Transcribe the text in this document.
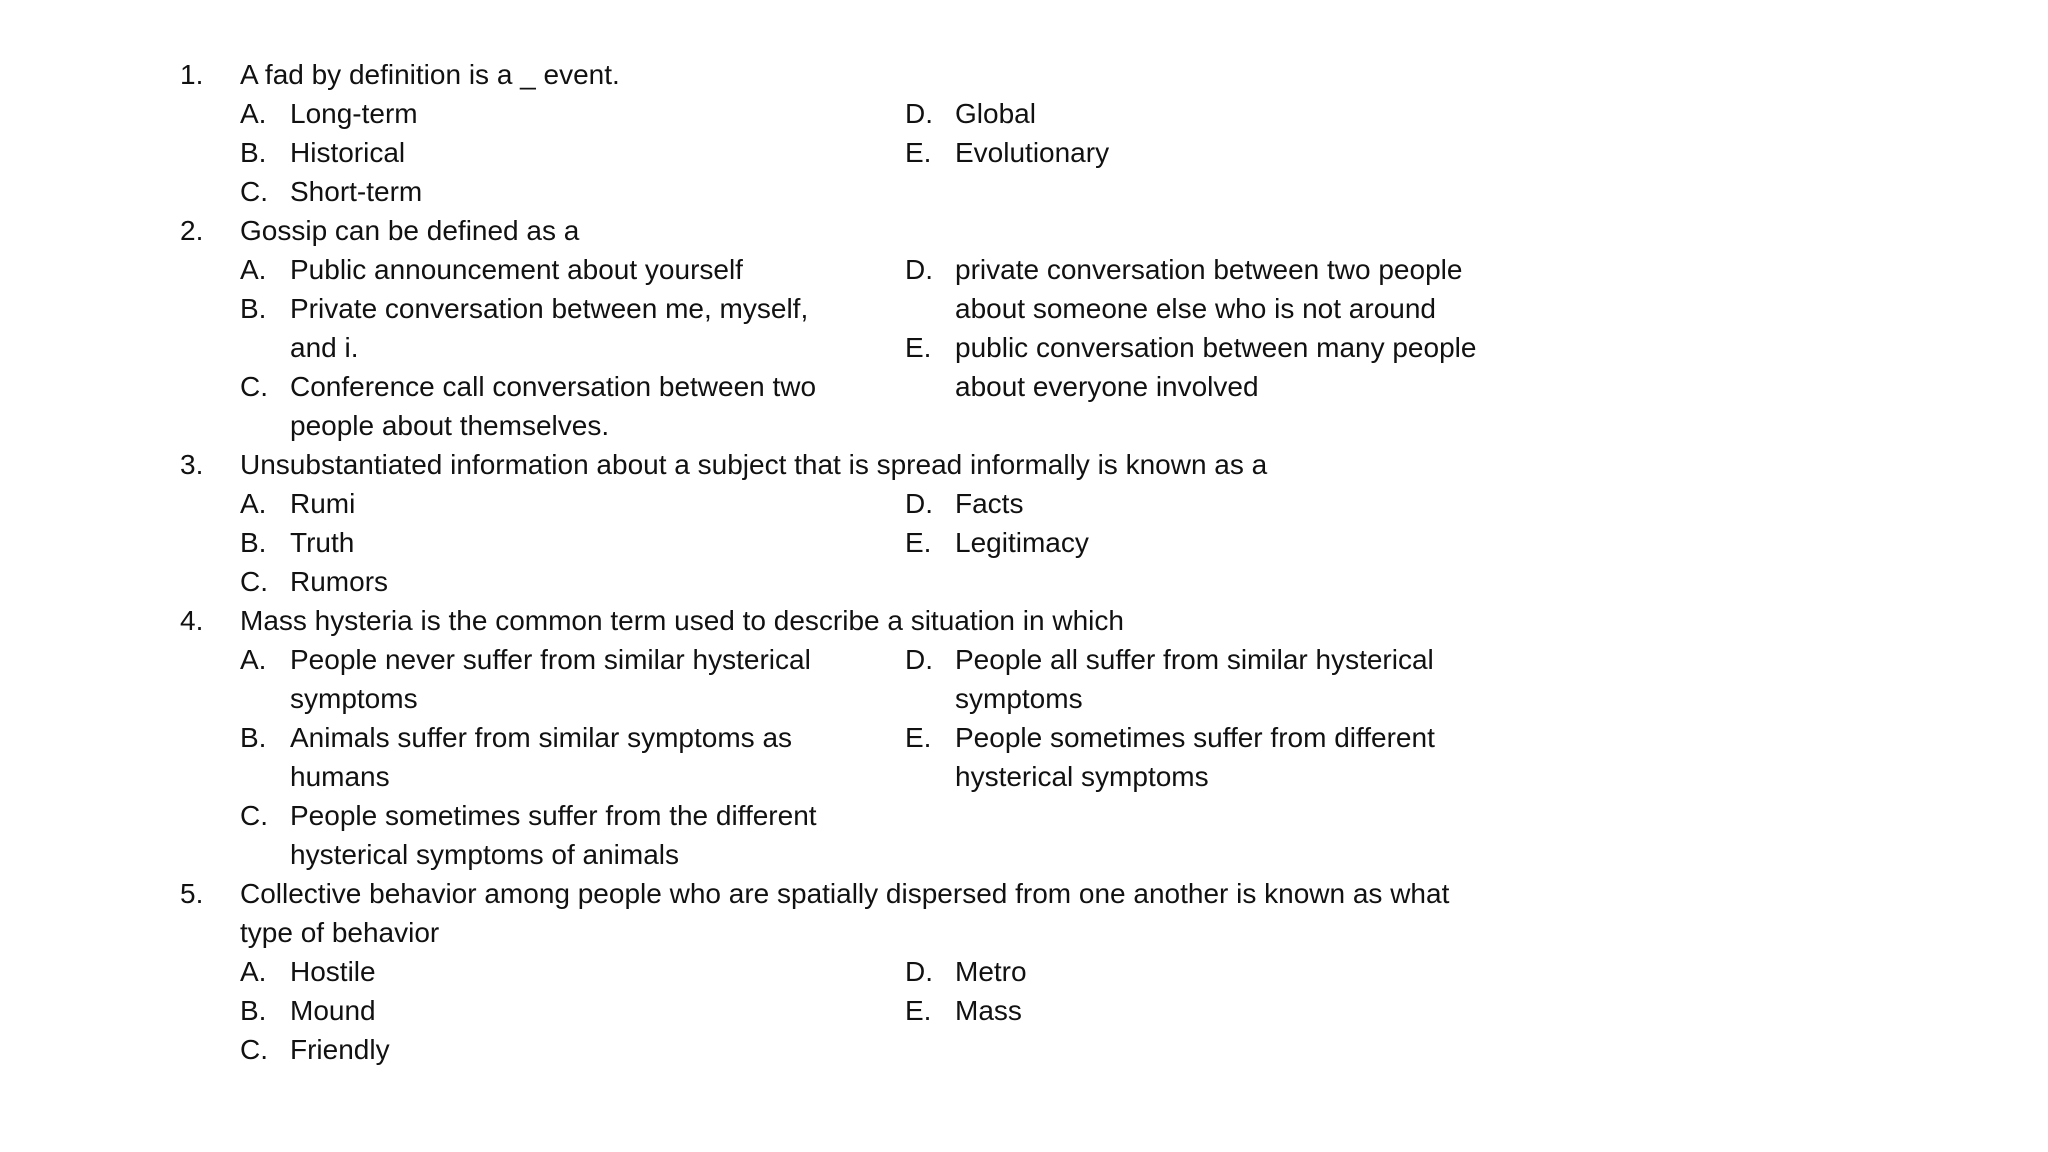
1. A fad by definition is a _ event.
A. Long-term
B. Historical
C. Short-term
D. Global
E. Evolutionary
2. Gossip can be defined as a
A. Public announcement about yourself
B. Private conversation between me, myself,
and i.
C. Conference call conversation between two
people about themselves.
D. private conversation between two people
about someone else who is not around
E. public conversation between many people
about everyone involved
3. Unsubstantiated information about a subject that is spread informally is known as a
A. Rumi
B. Truth
C. Rumors
D. Facts
E. Legitimacy
4. Mass hysteria is the common term used to describe a situation in which
A. People never suffer from similar hysterical
symptoms
B. Animals suffer from similar symptoms as
humans
C. People sometimes suffer from the different
hysterical symptoms of animals
D. People all suffer from similar hysterical
symptoms
E. People sometimes suffer from different
hysterical symptoms
5. Collective behavior among people who are spatially dispersed from one another is known as what
type of behavior
A. Hostile
B. Mound
C. Friendly
D. Metro
E. Mass
